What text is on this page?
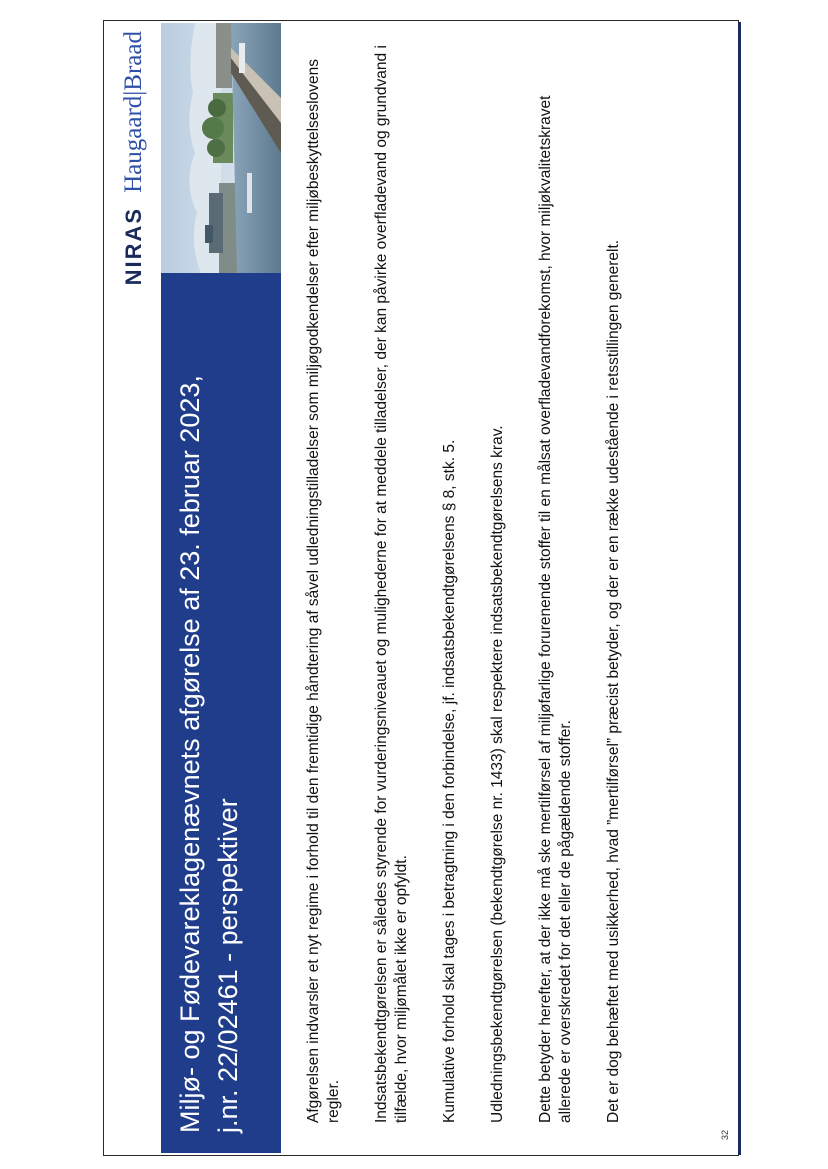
32
Miljø- og Fødevareklagenævnets afgørelse af 23. februar 2023, j.nr. 22/02461 - perspektiver
NIRAS
Haugaard|Braad	Afgørelsen indvarsler et nyt regime i forhold til den fremtidige håndtering af såvel udledningstilladelser som miljøgodkendelser efter miljøbeskyttelseslovens regler. Indsatsbekendtgørelsen er således styrende for vurderingsniveauet og mulighederne for at meddele tilladelser, der kan påvirke overfladevand og grundvand i tilfælde, hvor miljømålet ikke er opfyldt. Kumulative forhold skal tages i betragtning i den forbindelse, jf. indsatsbekendtgørelsens § 8, stk. 5. Udledningsbekendtgørelsen (bekendtgørelse nr. 1433) skal respektere indsatsbekendtgørelsens krav. Dette betyder herefter, at der ikke må ske mertilførsel af miljøfarlige forurenende stoffer til en målsat overfladevandforekomst, hvor miljøkvalitetskravet allerede er overskredet for det eller de pågældende stoffer. Det er dog behæftet med usikkerhed, hvad ”mertilførsel” præcist betyder, og der er en række udestående i retsstillingen generelt.
